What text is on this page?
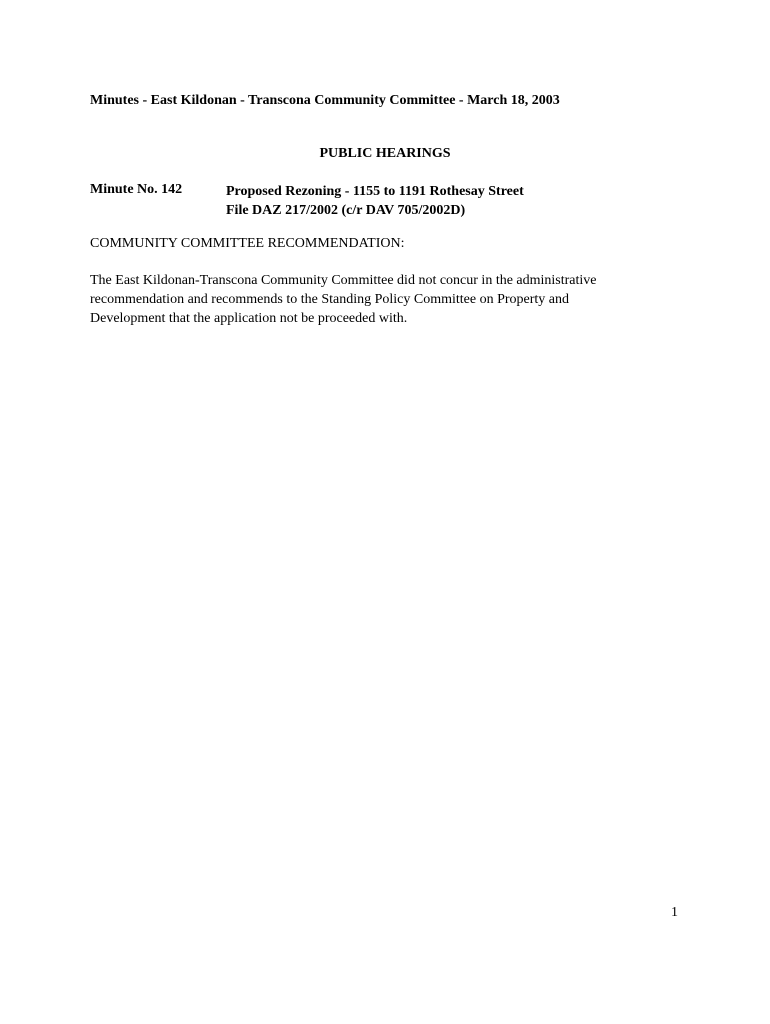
Minutes - East Kildonan - Transcona Community Committee - March 18, 2003
PUBLIC HEARINGS
Minute No. 142	Proposed Rezoning - 1155 to 1191 Rothesay Street
File DAZ 217/2002 (c/r DAV 705/2002D)
COMMUNITY COMMITTEE RECOMMENDATION:
The East Kildonan-Transcona Community Committee did not concur in the administrative
recommendation and recommends to the Standing Policy Committee on Property and
Development that the application not be proceeded with.
1
